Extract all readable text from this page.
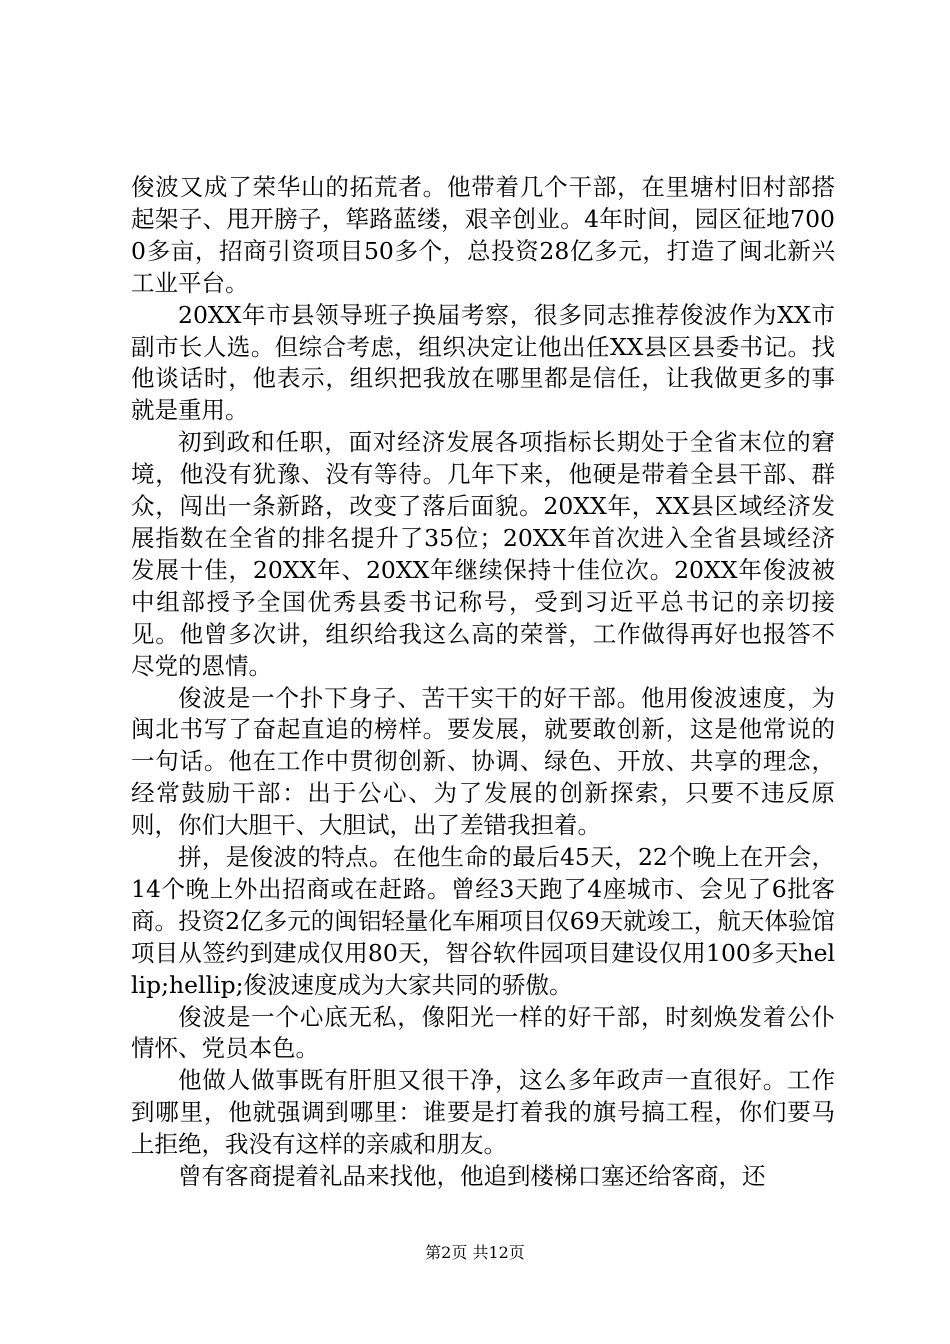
俊波又成了荣华山的拓荒者。他带着几个干部，在里塘村旧村部搭起架子、甩开膀子，筚路蓝缕，艰辛创业。4年时间，园区征地7000多亩，招商引资项目50多个，总投资28亿多元，打造了闽北新兴工业平台。

20XX年市县领导班子换届考察，很多同志推荐俊波作为XX市副市长人选。但综合考虑，组织决定让他出任XX县区县委书记。找他谈话时，他表示，组织把我放在哪里都是信任，让我做更多的事就是重用。

初到政和任职，面对经济发展各项指标长期处于全省末位的窘境，他没有犹豫、没有等待。几年下来，他硬是带着全县干部、群众，闯出一条新路，改变了落后面貌。20XX年，XX县区域经济发展指数在全省的排名提升了35位；20XX年首次进入全省县域经济发展十佳，20XX年、20XX年继续保持十佳位次。20XX年俊波被中组部授予全国优秀县委书记称号，受到习近平总书记的亲切接见。他曾多次讲，组织给我这么高的荣誉，工作做得再好也报答不尽党的恩情。

俊波是一个扑下身子、苦干实干的好干部。他用俊波速度，为闽北书写了奋起直追的榜样。要发展，就要敢创新，这是他常说的一句话。他在工作中贯彻创新、协调、绿色、开放、共享的理念，经常鼓励干部：出于公心、为了发展的创新探索，只要不违反原则，你们大胆干、大胆试，出了差错我担着。

拼，是俊波的特点。在他生命的最后45天，22个晚上在开会，14个晚上外出招商或在赶路。曾经3天跑了4座城市、会见了6批客商。投资2亿多元的闽铝轻量化车厢项目仅69天就竣工，航天体验馆项目从签约到建成仅用80天，智谷软件园项目建设仅用100多天hellip;hellip;俊波速度成为大家共同的骄傲。

俊波是一个心底无私，像阳光一样的好干部，时刻焕发着公仆情怀、党员本色。

他做人做事既有肝胆又很干净，这么多年政声一直很好。工作到哪里，他就强调到哪里：谁要是打着我的旗号搞工程，你们要马上拒绝，我没有这样的亲戚和朋友。

曾有客商提着礼品来找他，他追到楼梯口塞还给客商，还

第2页 共12页
